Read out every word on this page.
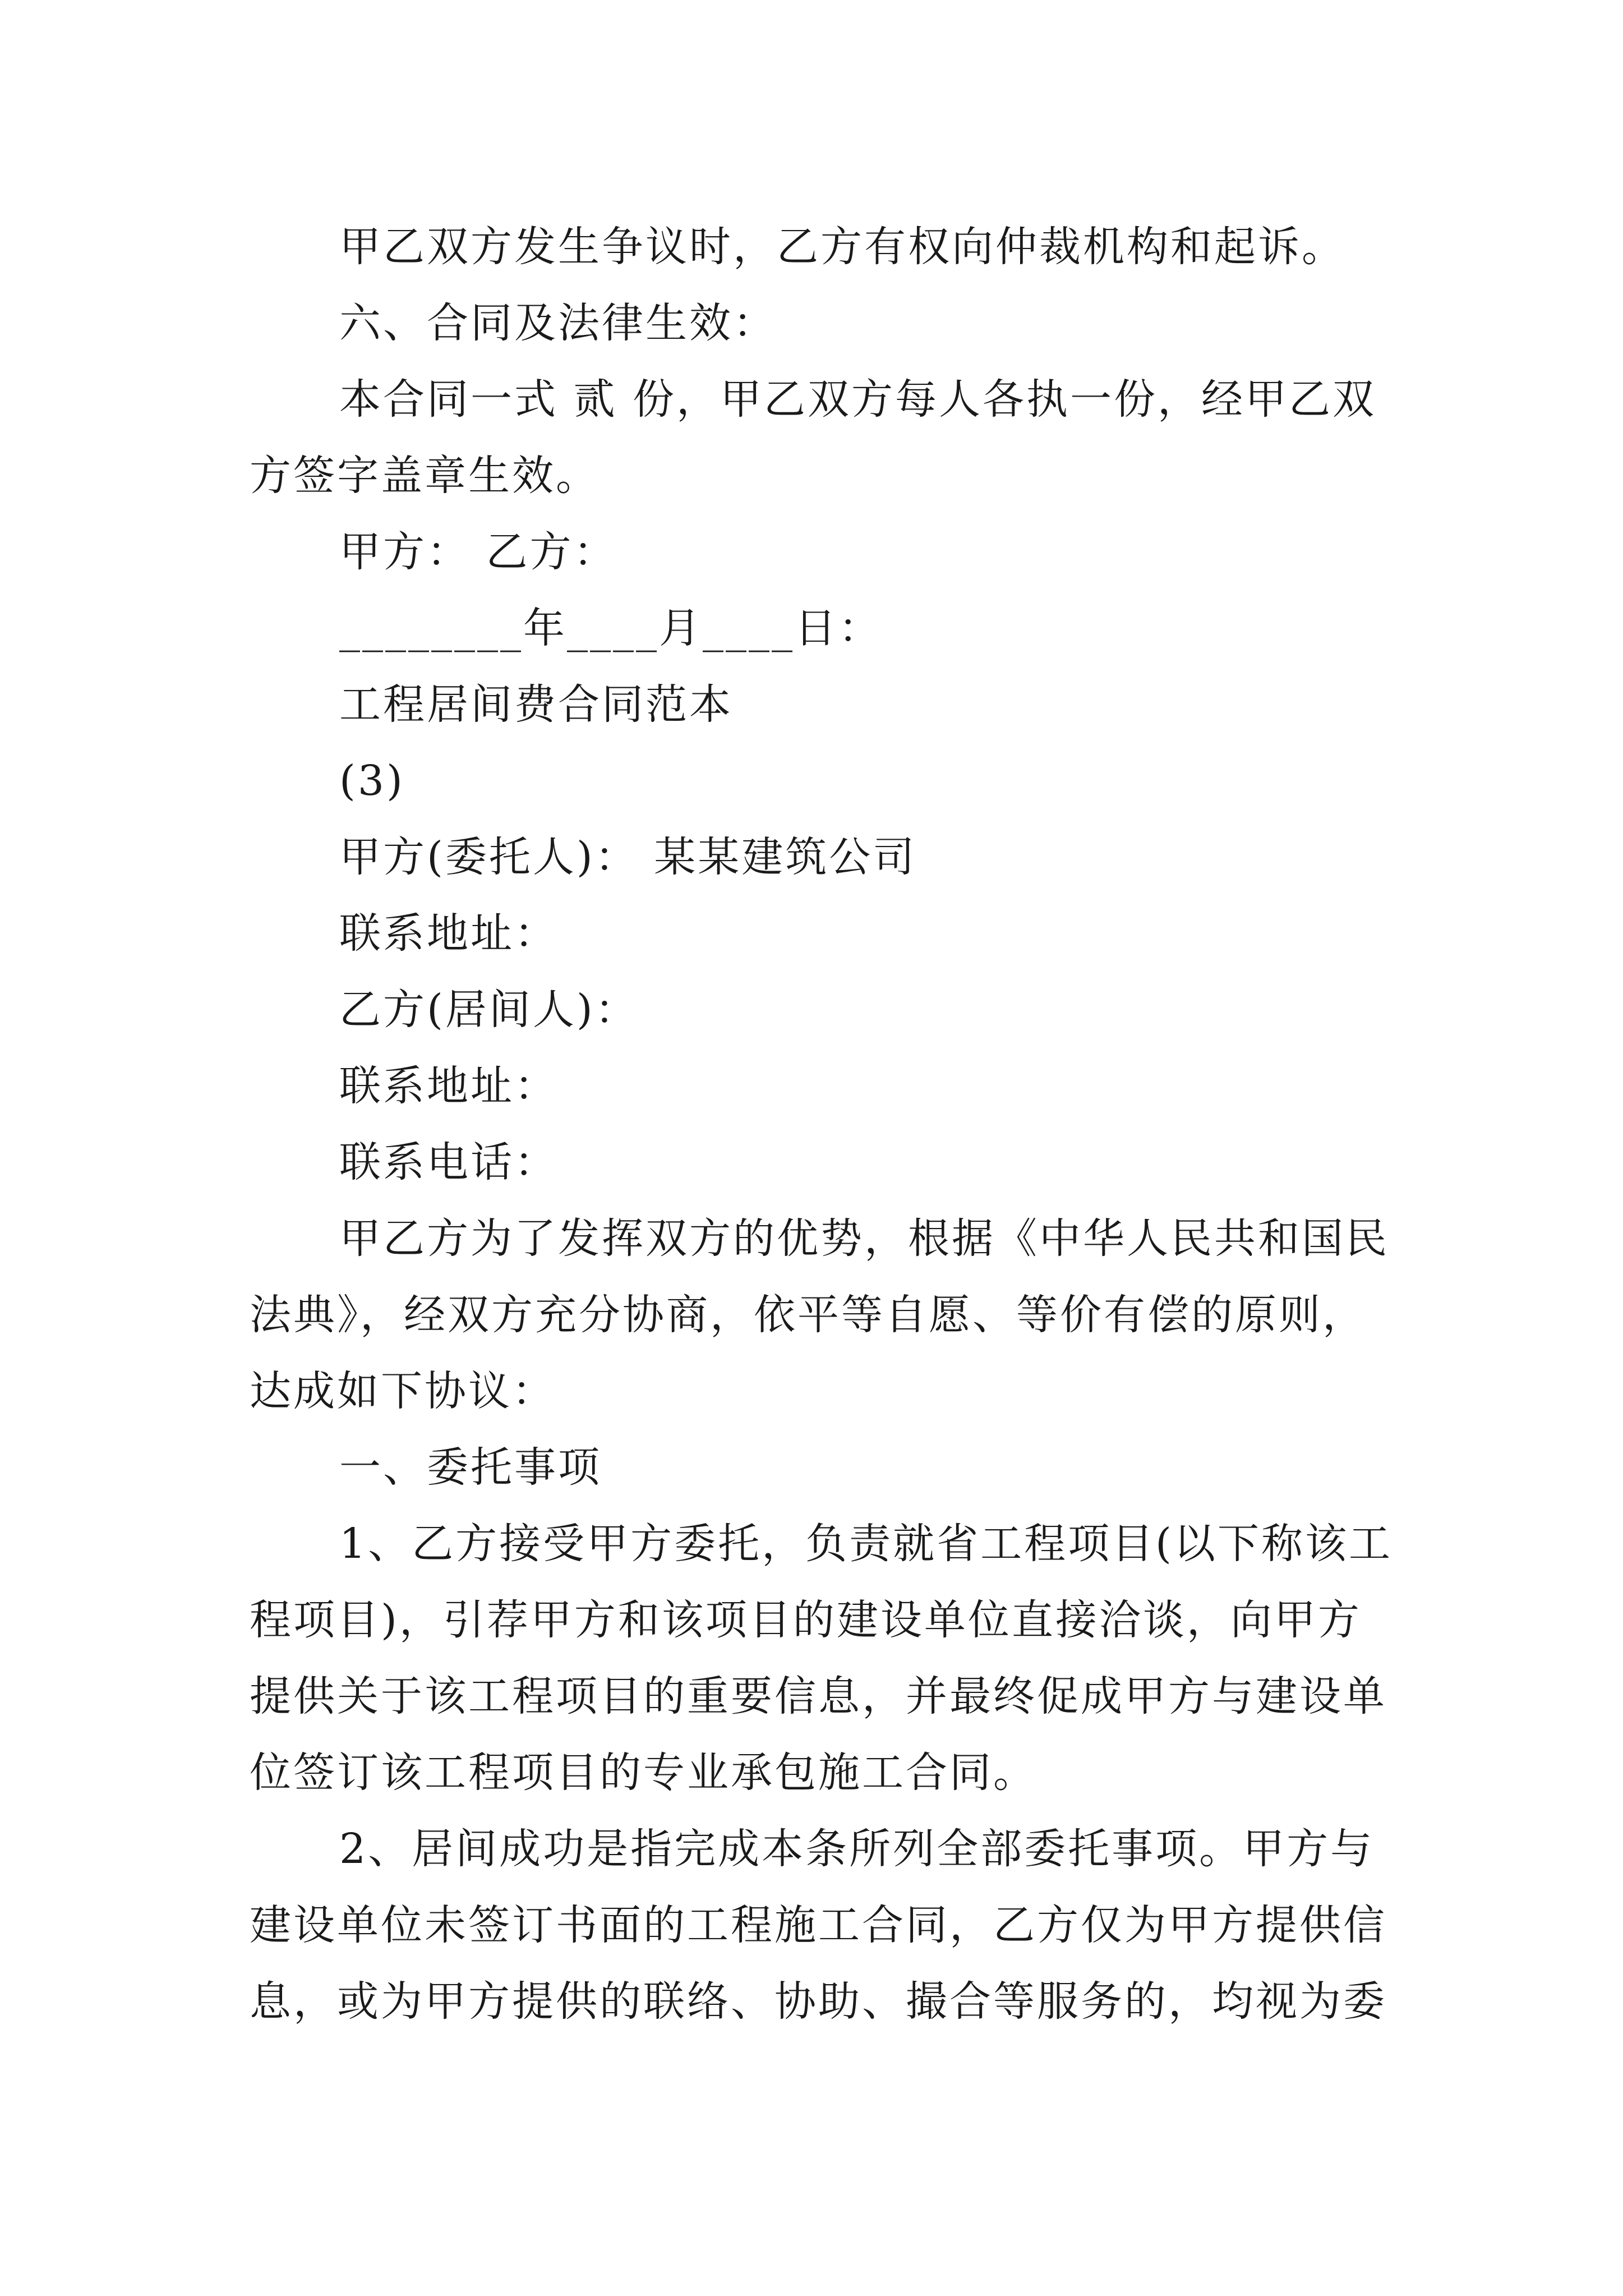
甲乙双方发生争议时，乙方有权向仲裁机构和起诉。
六、合同及法律生效：
本合同一式 贰 份，甲乙双方每人各执一份，经甲乙双
方签字盖章生效。
甲方： 乙方：
________年____月____日：
工程居间费合同范本
(3)
甲方(委托人)： 某某建筑公司
联系地址：
乙方(居间人)：
联系地址：
联系电话：
甲乙方为了发挥双方的优势，根据《中华人民共和国民
法典》，经双方充分协商，依平等自愿、等价有偿的原则，
达成如下协议：
一、委托事项
1、乙方接受甲方委托，负责就省工程项目(以下称该工
程项目)，引荐甲方和该项目的建设单位直接洽谈，向甲方
提供关于该工程项目的重要信息，并最终促成甲方与建设单
位签订该工程项目的专业承包施工合同。
2、居间成功是指完成本条所列全部委托事项。甲方与
建设单位未签订书面的工程施工合同，乙方仅为甲方提供信
息，或为甲方提供的联络、协助、撮合等服务的，均视为委
